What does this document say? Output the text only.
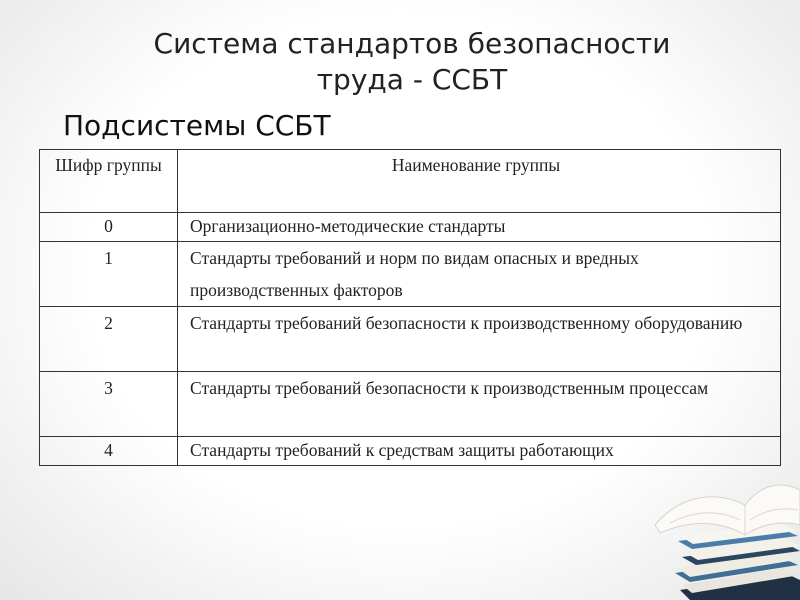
Система стандартов безопасности
труда - ССБТ
Подсистемы ССБТ
Шифр группы	Наименование группы
0	Организационно-методические стандарты
1	Стандарты требований и норм по видам опасных и вредных производственных факторов
2	Стандарты требований безопасности к производственному оборудованию
3	Стандарты требований безопасности к производственным процессам
4	Стандарты требований к средствам защиты работающих
